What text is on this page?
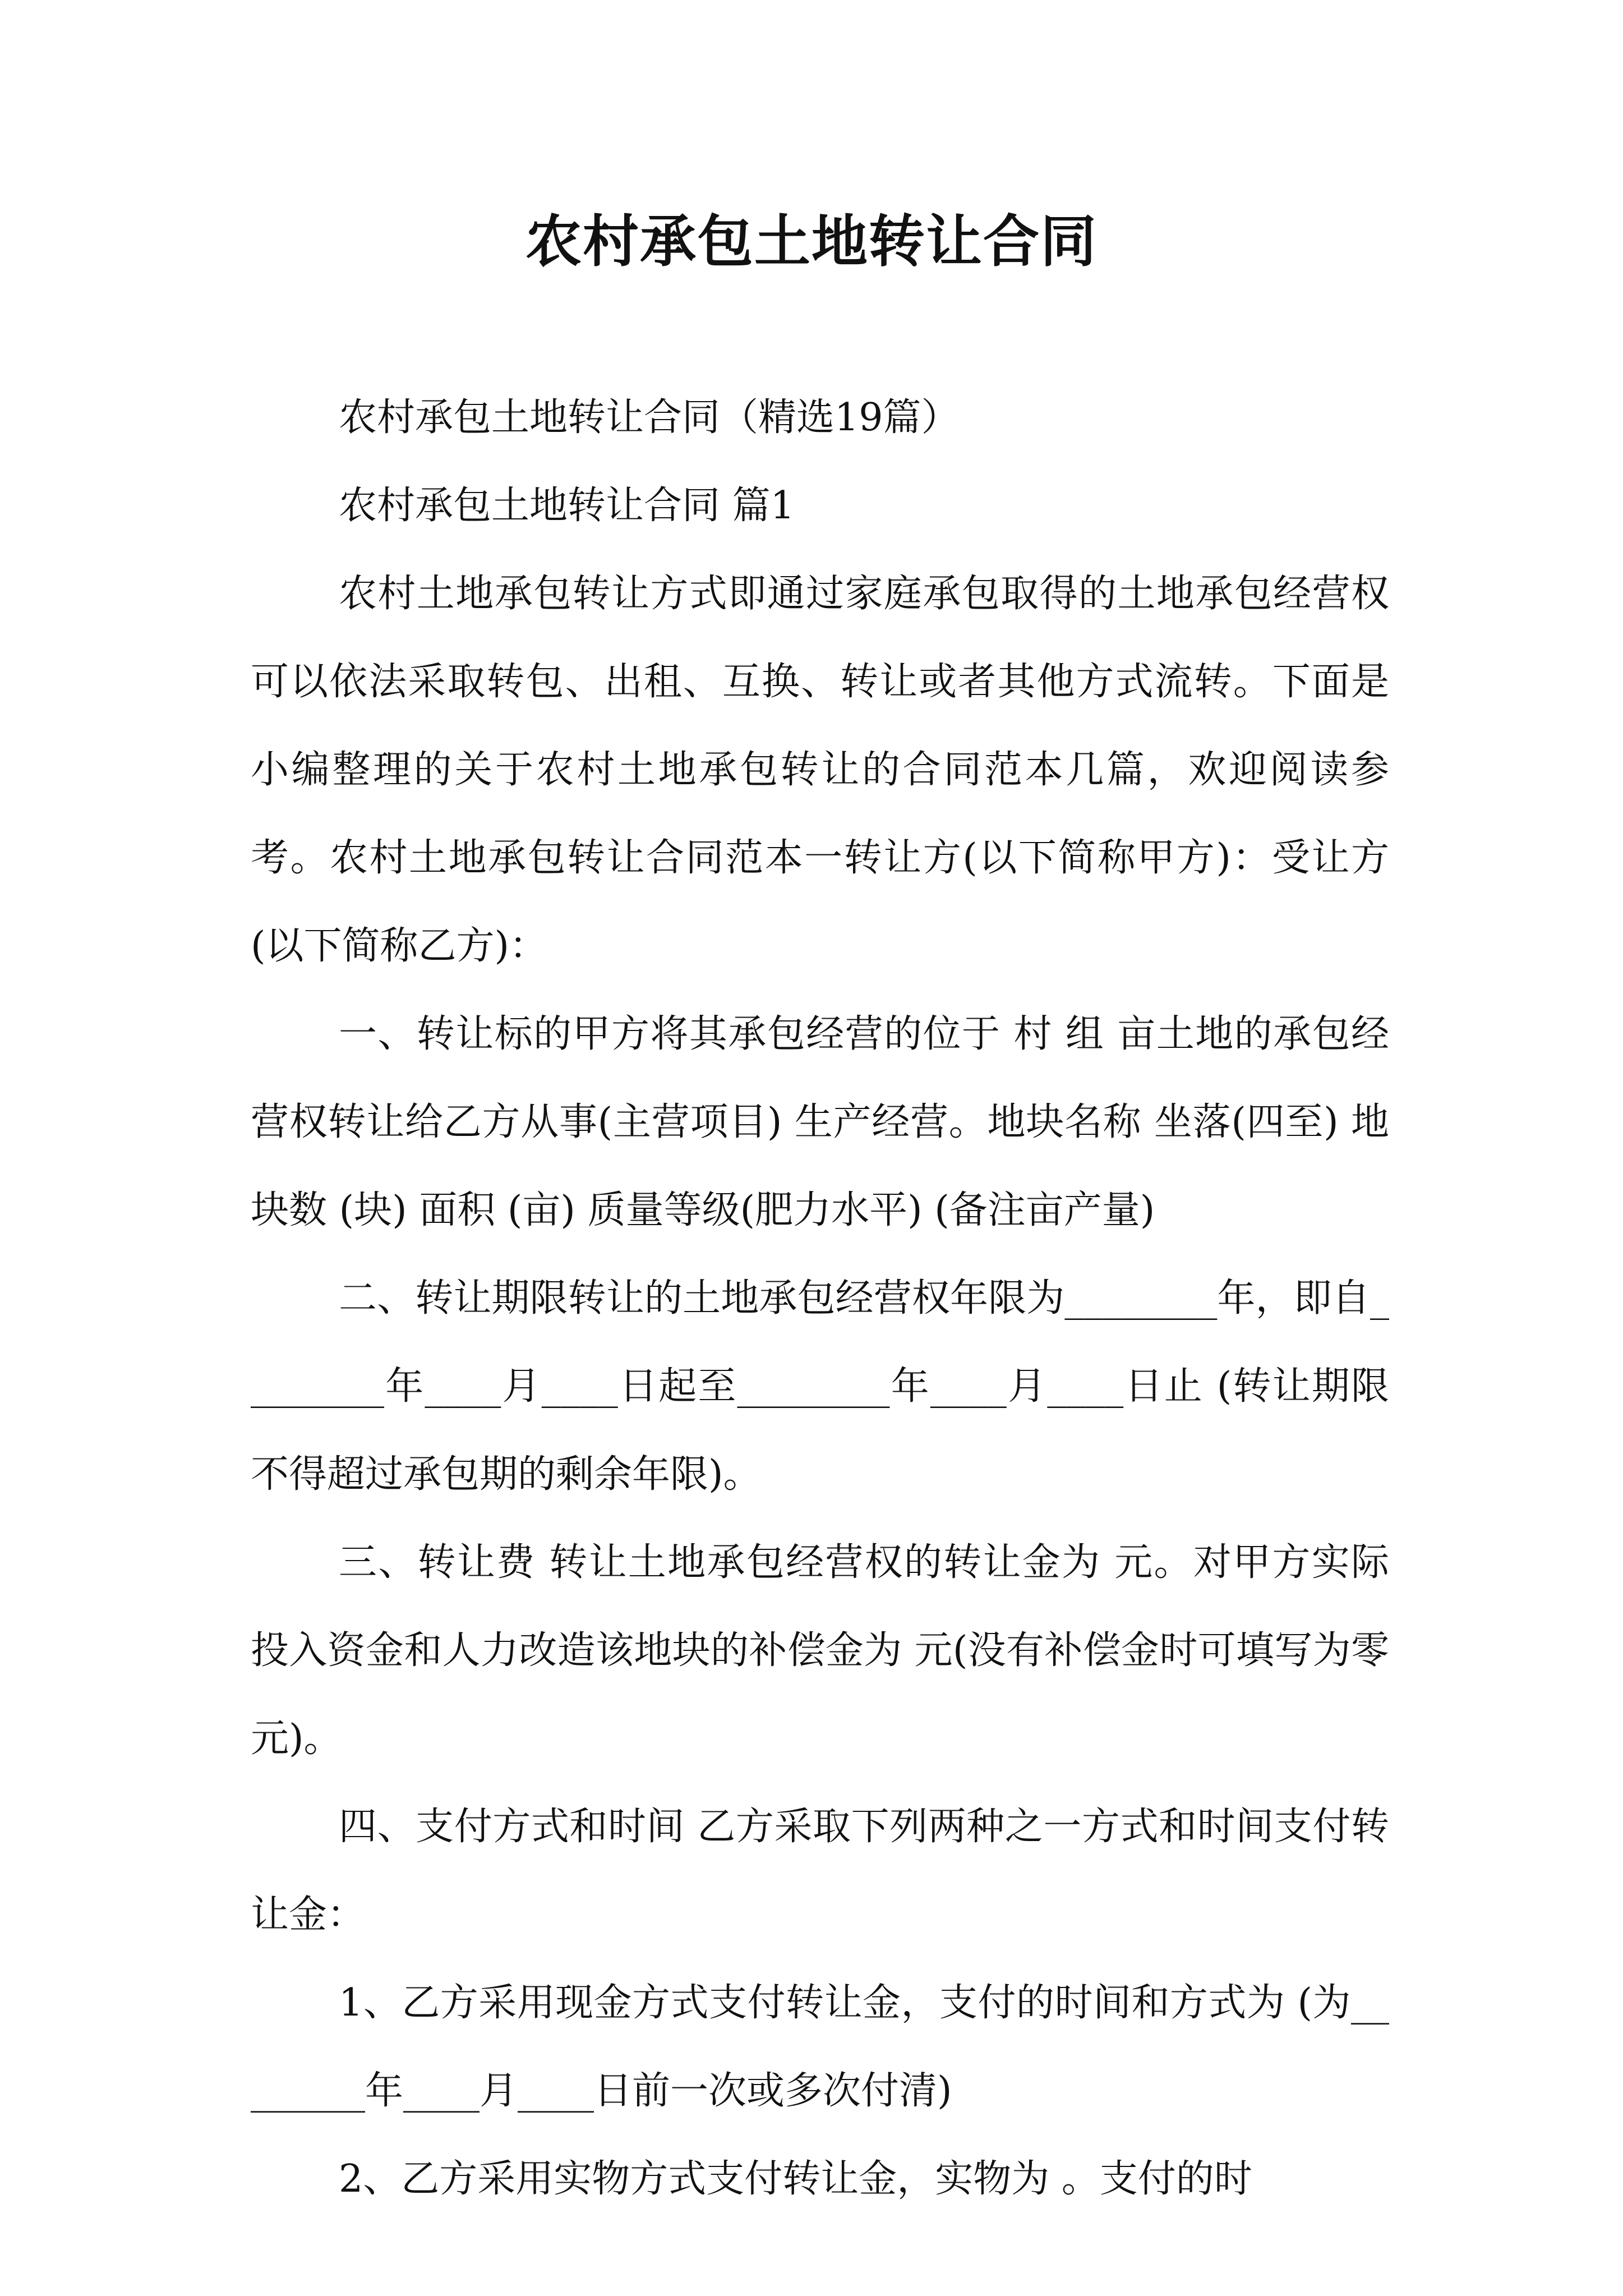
农村承包土地转让合同

农村承包土地转让合同（精选19篇）

农村承包土地转让合同 篇1

农村土地承包转让方式即通过家庭承包取得的土地承包经营权可以依法采取转包、出租、互换、转让或者其他方式流转。下面是小编整理的关于农村土地承包转让的合同范本几篇，欢迎阅读参考。农村土地承包转让合同范本一转让方(以下简称甲方)：受让方(以下简称乙方)：

一、转让标的甲方将其承包经营的位于 村 组 亩土地的承包经营权转让给乙方从事(主营项目) 生产经营。地块名称 坐落(四至) 地块数 (块) 面积 (亩) 质量等级(肥力水平) (备注亩产量)

二、转让期限转让的土地承包经营权年限为________年，即自________年____月____日起至________年____月____日止 (转让期限不得超过承包期的剩余年限)。

三、转让费 转让土地承包经营权的转让金为 元。对甲方实际投入资金和人力改造该地块的补偿金为 元(没有补偿金时可填写为零元)。

四、支付方式和时间 乙方采取下列两种之一方式和时间支付转让金：

1、乙方采用现金方式支付转让金，支付的时间和方式为 (为________年____月____日前一次或多次付清)

2、乙方采用实物方式支付转让金，实物为 。支付的时
